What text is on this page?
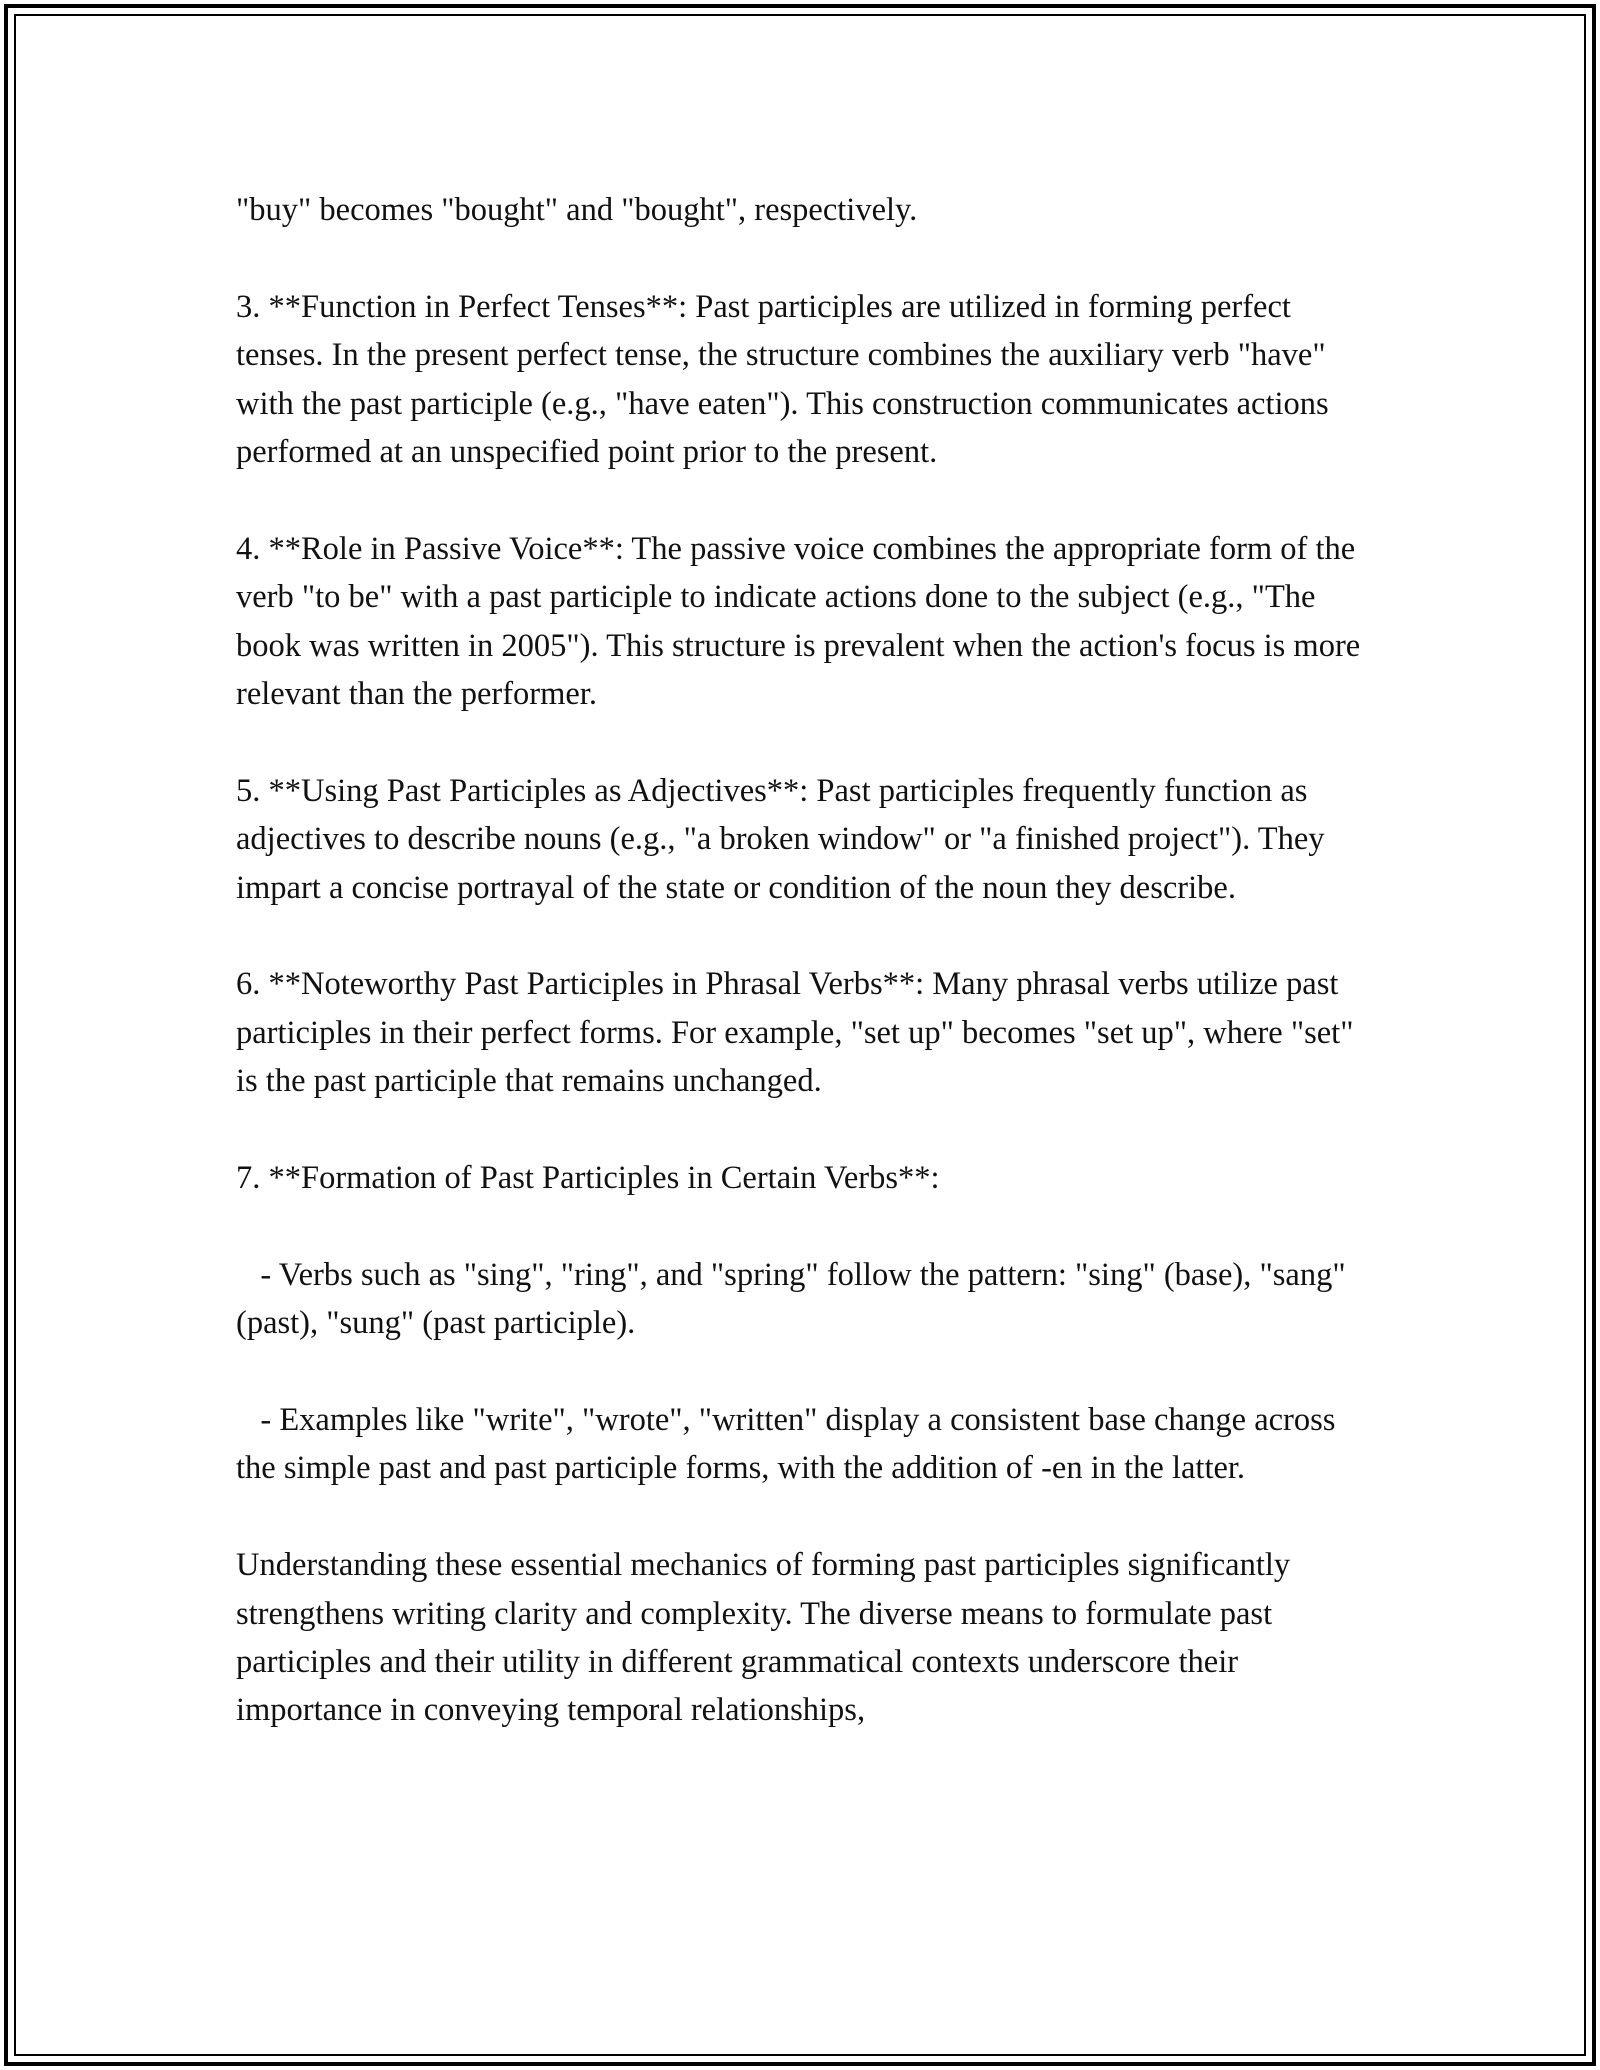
"buy" becomes "bought" and "bought", respectively.

3. **Function in Perfect Tenses**: Past participles are utilized in forming perfect tenses. In the present perfect tense, the structure combines the auxiliary verb "have" with the past participle (e.g., "have eaten"). This construction communicates actions performed at an unspecified point prior to the present.

4. **Role in Passive Voice**: The passive voice combines the appropriate form of the verb "to be" with a past participle to indicate actions done to the subject (e.g., "The book was written in 2005"). This structure is prevalent when the action's focus is more relevant than the performer.

5. **Using Past Participles as Adjectives**: Past participles frequently function as adjectives to describe nouns (e.g., "a broken window" or "a finished project"). They impart a concise portrayal of the state or condition of the noun they describe.

6. **Noteworthy Past Participles in Phrasal Verbs**: Many phrasal verbs utilize past participles in their perfect forms. For example, "set up" becomes "set up", where "set" is the past participle that remains unchanged.

7. **Formation of Past Participles in Certain Verbs**:

- Verbs such as "sing", "ring", and "spring" follow the pattern: "sing" (base), "sang" (past), "sung" (past participle).

- Examples like "write", "wrote", "written" display a consistent base change across the simple past and past participle forms, with the addition of -en in the latter.

Understanding these essential mechanics of forming past participles significantly strengthens writing clarity and complexity. The diverse means to formulate past participles and their utility in different grammatical contexts underscore their importance in conveying temporal relationships,
